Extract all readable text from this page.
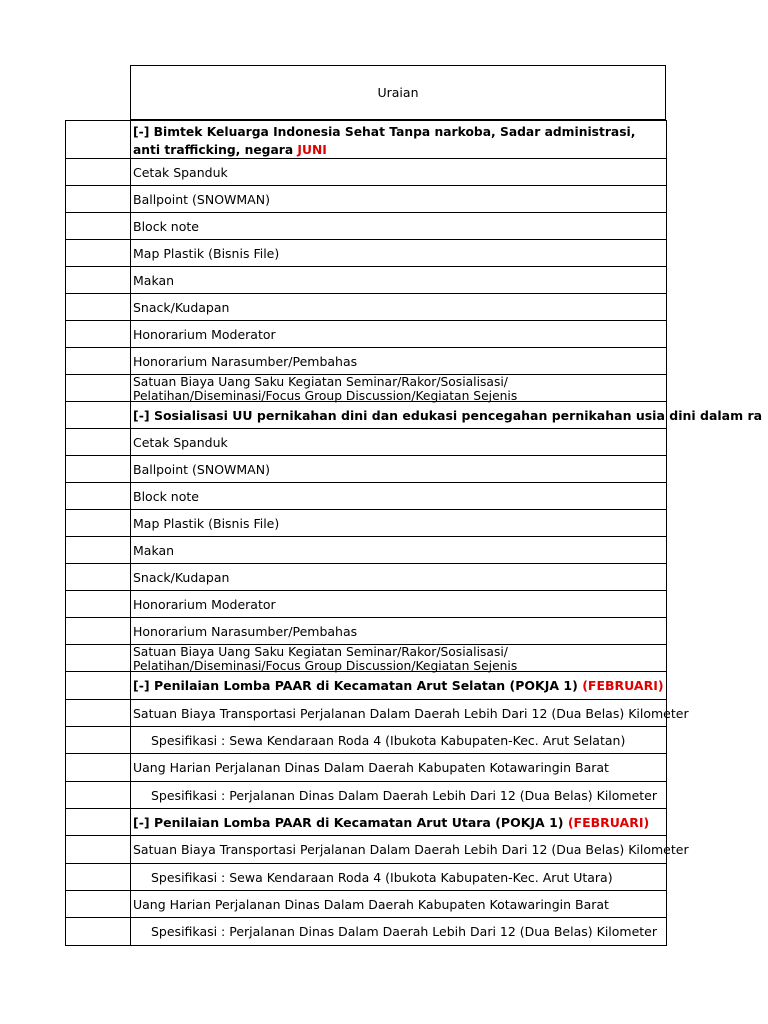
Uraian
[-] Bimtek Keluarga Indonesia Sehat Tanpa narkoba, Sadar administrasi, anti trafficking, negara JUNI
Cetak Spanduk
Ballpoint (SNOWMAN)
Block note
Map Plastik (Bisnis File)
Makan
Snack/Kudapan
Honorarium Moderator
Honorarium Narasumber/Pembahas
Satuan Biaya Uang Saku Kegiatan Seminar/Rakor/Sosialisasi/ Pelatihan/Diseminasi/Focus Group Discussion/Kegiatan Sejenis
[-] Sosialisasi UU pernikahan dini dan edukasi pencegahan pernikahan usia dini dalam ra
Cetak Spanduk
Ballpoint (SNOWMAN)
Block note
Map Plastik (Bisnis File)
Makan
Snack/Kudapan
Honorarium Moderator
Honorarium Narasumber/Pembahas
Satuan Biaya Uang Saku Kegiatan Seminar/Rakor/Sosialisasi/ Pelatihan/Diseminasi/Focus Group Discussion/Kegiatan Sejenis
[-] Penilaian Lomba PAAR di Kecamatan Arut Selatan (POKJA 1) (FEBRUARI)
Satuan Biaya Transportasi Perjalanan Dalam Daerah Lebih Dari 12 (Dua Belas) Kilometer
Spesifikasi : Sewa Kendaraan Roda 4 (Ibukota Kabupaten-Kec. Arut Selatan)
Uang Harian Perjalanan Dinas Dalam Daerah Kabupaten Kotawaringin Barat
Spesifikasi : Perjalanan Dinas Dalam Daerah Lebih Dari 12 (Dua Belas) Kilometer
[-] Penilaian Lomba PAAR di Kecamatan Arut Utara (POKJA 1) (FEBRUARI)
Satuan Biaya Transportasi Perjalanan Dalam Daerah Lebih Dari 12 (Dua Belas) Kilometer
Spesifikasi : Sewa Kendaraan Roda 4 (Ibukota Kabupaten-Kec. Arut Utara)
Uang Harian Perjalanan Dinas Dalam Daerah Kabupaten Kotawaringin Barat
Spesifikasi : Perjalanan Dinas Dalam Daerah Lebih Dari 12 (Dua Belas) Kilometer
